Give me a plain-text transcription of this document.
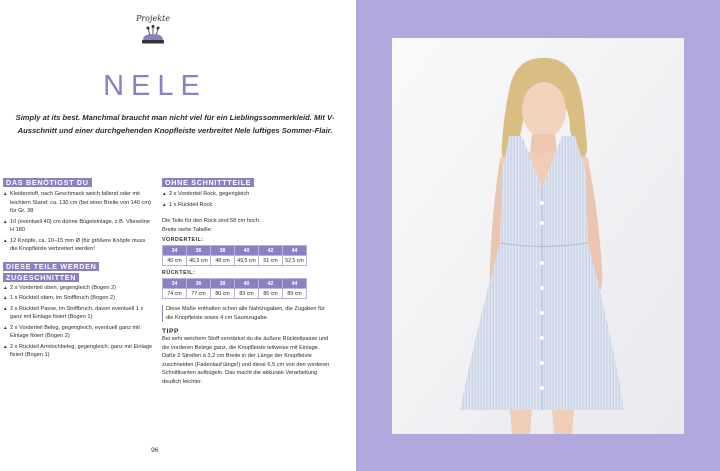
Projekte
NELE

Simply at its best. Manchmal braucht man nicht viel für ein Lieblingssommerkleid. Mit V-Ausschnitt und einer durchgehenden Knopfleiste verbreitet Nele luftiges Sommer-Flair.

DAS BENÖTIGST DU
▲ Kleiderstoff, nach Geschmack weich fallend oder mit leichtem Stand: ca. 130 cm (bei einer Breite von 140 cm) für Gr. 38
▲ 10 (eventuell 40) cm dünne Bügeleinlage, z.B. Vlieseline H 180
▲ 12 Knöpfe, ca. 10–15 mm Ø (für größere Knöpfe muss die Knopfleiste verbreitert werden!
DIESE TEILE WERDEN
ZUGESCHNITTEN
▲ 2 x Vorderteil oben, gegengleich (Bogen 2)
▲ 1 x Rückteil oben, im Stoffbruch (Bogen 2)
▲ 2 x Rückteil Passe, im Stoffbruch, davon eventuell 1 x ganz mit Einlage fixiert (Bogen 1)
▲ 2 x Vorderteil Beleg, gegengleich, eventuell ganz mit Einlage fixiert (Bogen 2)
▲ 2 x Rückteil Armlochbeleg, gegengleich, ganz mit Einlage fixiert (Bogen 1)
OHNE SCHNITTTEILE
▲ 2 x Vorderteil Rock, gegengleich
▲ 1 x Rückteil Rock

Die Teile für den Rock sind 58 cm hoch.

Breite siehe Tabelle:

VORDERTEIL:
34	36	38	40	42	44
45 cm	46,5 cm	48 cm	49,5 cm	51 cm	52,5 cm
RÜCKTEIL:
34	36	38	40	42	44
74 cm	77 cm	80 cm	83 cm	86 cm	89 cm

Diese Maße enthalten schon alle Nahtzugaben, die Zugaben für die Knopfleiste sowie 4 cm Saumzugabe.

TIPP

Bei sehr weichem Stoff verstärkst du die äußere Rückteilpasse und die vorderen Belege ganz, die Knopfleiste teilweise mit Einlage. Dafür 2 Streifen à 3,2 cm Breite in der Länge der Knopfleiste zuschneiden (Fadenlauf längs!) und diese 6,5 cm von den vorderen Schnittkanten aufbügeln. Das macht die akkurate Verarbeitung deutlich leichter.

96
